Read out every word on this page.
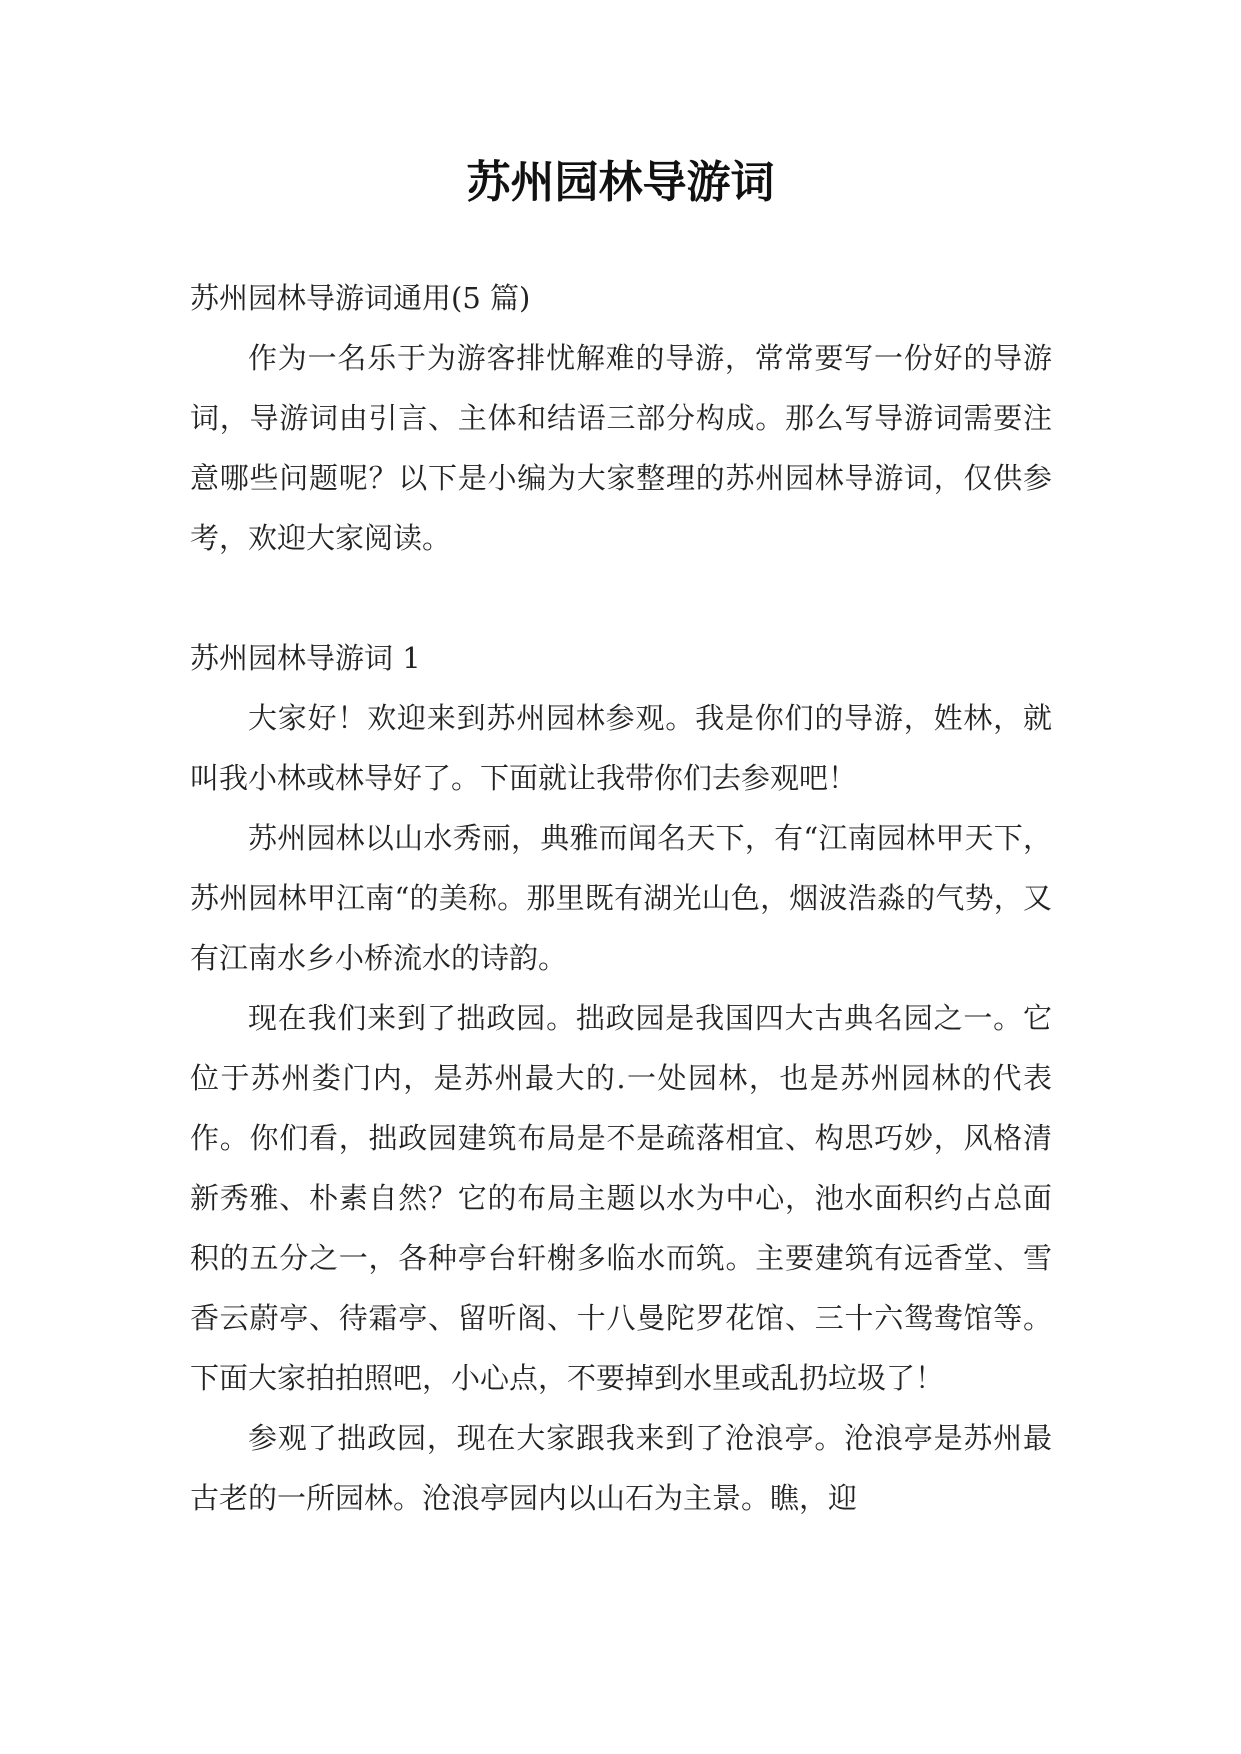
苏州园林导游词

苏州园林导游词通用(5 篇)

作为一名乐于为游客排忧解难的导游，常常要写一份好的导游词，导游词由引言、主体和结语三部分构成。那么写导游词需要注意哪些问题呢？以下是小编为大家整理的苏州园林导游词，仅供参考，欢迎大家阅读。

苏州园林导游词 1

大家好！欢迎来到苏州园林参观。我是你们的导游，姓林，就叫我小林或林导好了。下面就让我带你们去参观吧！

苏州园林以山水秀丽，典雅而闻名天下，有“江南园林甲天下，苏州园林甲江南“的美称。那里既有湖光山色，烟波浩淼的气势，又有江南水乡小桥流水的诗韵。

现在我们来到了拙政园。拙政园是我国四大古典名园之一。它位于苏州娄门内，是苏州最大的.一处园林，也是苏州园林的代表作。你们看，拙政园建筑布局是不是疏落相宜、构思巧妙，风格清新秀雅、朴素自然？它的布局主题以水为中心，池水面积约占总面积的五分之一，各种亭台轩榭多临水而筑。主要建筑有远香堂、雪香云蔚亭、待霜亭、留听阁、十八曼陀罗花馆、三十六鸳鸯馆等。下面大家拍拍照吧，小心点，不要掉到水里或乱扔垃圾了！

参观了拙政园，现在大家跟我来到了沧浪亭。沧浪亭是苏州最古老的一所园林。沧浪亭园内以山石为主景。瞧，迎
